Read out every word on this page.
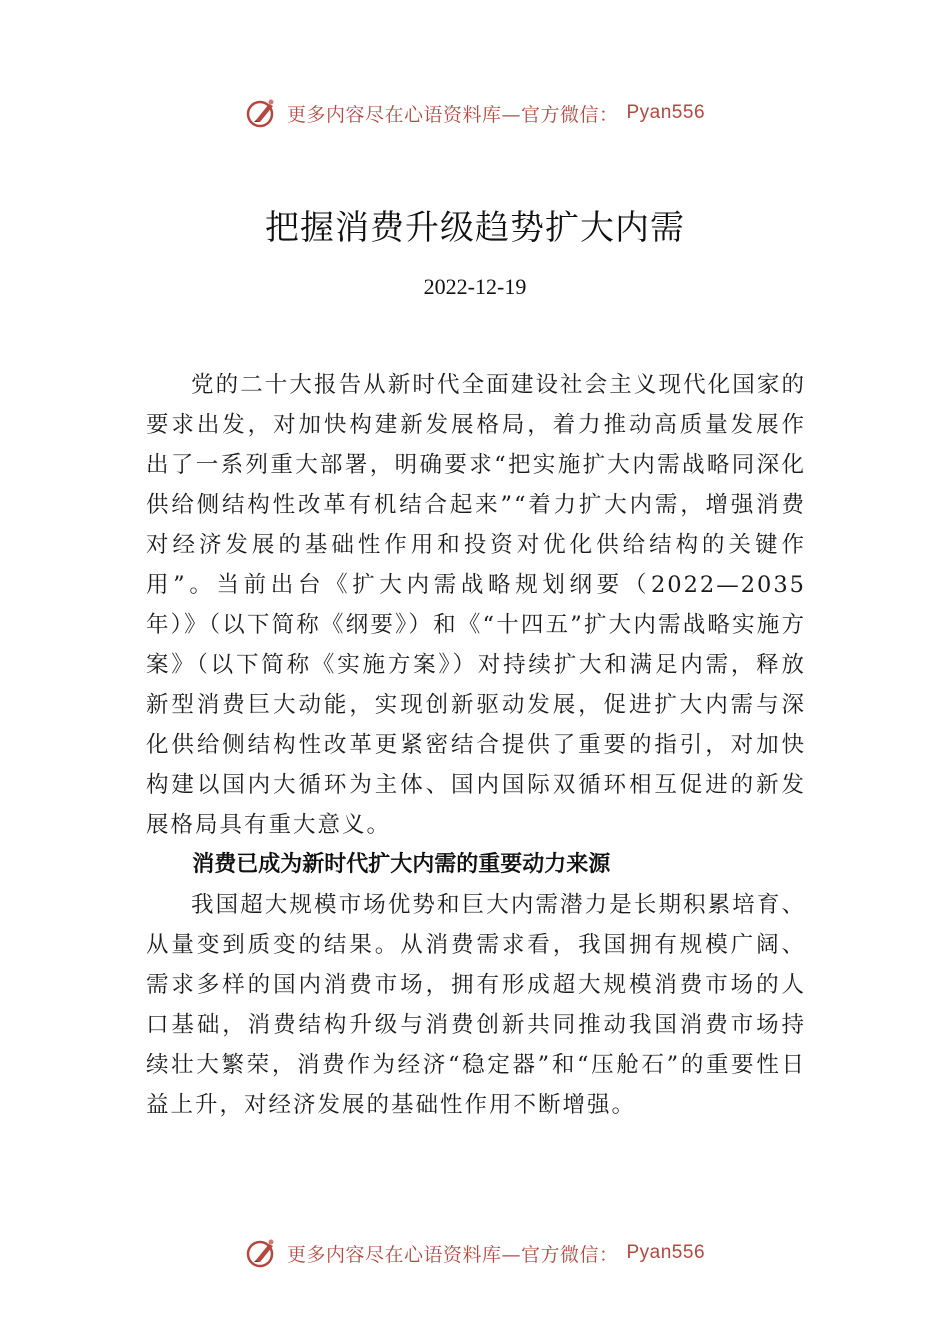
更多内容尽在心语资料库—官方微信： Pyan556
把握消费升级趋势扩大内需
2022-12-19

党的二十大报告从新时代全面建设社会主义现代化国家的要求出发，对加快构建新发展格局，着力推动高质量发展作出了一系列重大部署，明确要求“把实施扩大内需战略同深化供给侧结构性改革有机结合起来”“着力扩大内需，增强消费对经济发展的基础性作用和投资对优化供给结构的关键作用”。当前出台《扩大内需战略规划纲要（2022—2035年）》（以下简称《纲要》）和《“十四五”扩大内需战略实施方案》（以下简称《实施方案》）对持续扩大和满足内需，释放新型消费巨大动能，实现创新驱动发展，促进扩大内需与深化供给侧结构性改革更紧密结合提供了重要的指引，对加快构建以国内大循环为主体、国内国际双循环相互促进的新发展格局具有重大意义。

消费已成为新时代扩大内需的重要动力来源

我国超大规模市场优势和巨大内需潜力是长期积累培育、从量变到质变的结果。从消费需求看，我国拥有规模广阔、需求多样的国内消费市场，拥有形成超大规模消费市场的人口基础，消费结构升级与消费创新共同推动我国消费市场持续壮大繁荣，消费作为经济“稳定器”和“压舱石”的重要性日益上升，对经济发展的基础性作用不断增强。

更多内容尽在心语资料库—官方微信： Pyan556
